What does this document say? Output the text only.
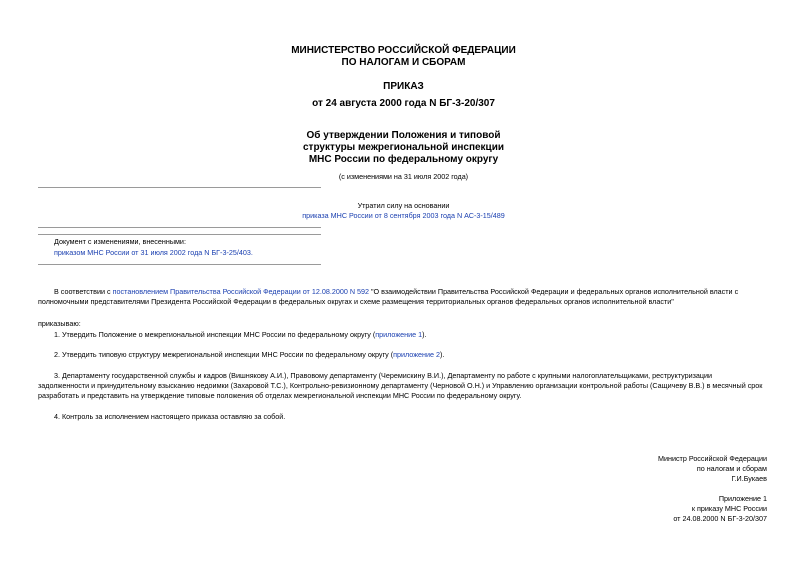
МИНИСТЕРСТВО РОССИЙСКОЙ ФЕДЕРАЦИИ
ПО НАЛОГАМ И СБОРАМ
ПРИКАЗ
от 24 августа 2000 года N БГ-3-20/307
Об утверждении Положения и типовой
структуры межрегиональной инспекции
МНС России по федеральному округу
(с изменениями на 31 июля 2002 года)
Утратил силу на основании
приказа МНС России от 8 сентября 2003 года N АС-3-15/489
Документ с изменениями, внесенными:
приказом МНС России от 31 июля 2002 года N БГ-3-25/403.
В соответствии с постановлением Правительства Российской Федерации от 12.08.2000 N 592 "О взаимодействии Правительства Российской Федерации и федеральных органов исполнительной власти с
полномочными представителями Президента Российской Федерации в федеральных округах и схеме размещения территориальных органов федеральных органов исполнительной власти"
приказываю:
1. Утвердить Положение о межрегиональной инспекции МНС России по федеральному округу (приложение 1).
2. Утвердить типовую структуру межрегиональной инспекции МНС России по федеральному округу (приложение 2).
3. Департаменту государственной службы и кадров (Вишнякову А.И.), Правовому департаменту (Черемискину В.И.), Департаменту по работе с крупными налогоплательщиками, реструктуризации
задолженности и принудительному взысканию недоимки (Захаровой Т.С.), Контрольно-ревизионному департаменту (Черновой О.Н.) и Управлению организации контрольной работы (Сащичеву В.В.) в месячный срок
разработать и представить на утверждение типовые положения об отделах межрегиональной инспекции МНС России по федеральному округу.
4. Контроль за исполнением настоящего приказа оставляю за собой.
Министр Российской Федерации
по налогам и сборам
Г.И.Букаев
Приложение 1
к приказу МНС России
от 24.08.2000 N БГ-3-20/307
